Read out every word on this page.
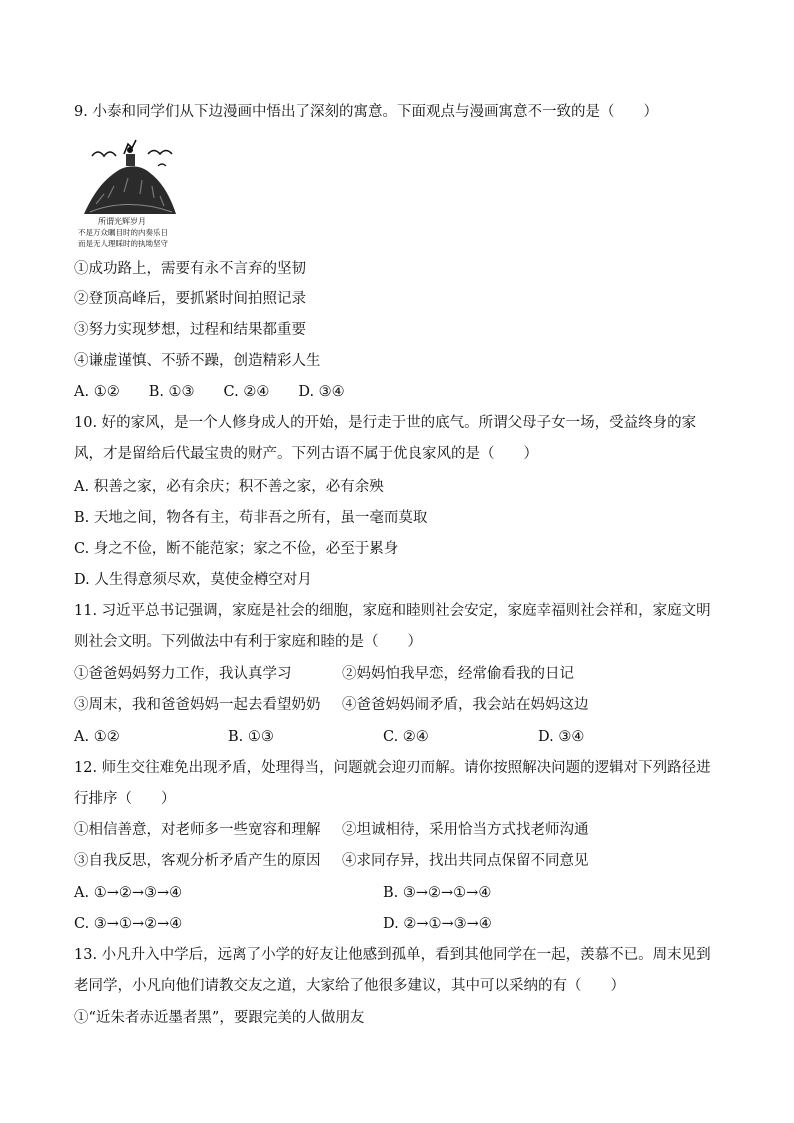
9. 小泰和同学们从下边漫画中悟出了深刻的寓意。下面观点与漫画寓意不一致的是（　　）
所谓光辉岁月
不是万众瞩目时的内奏乐日
而是无人理睬时的执坳坚守
①成功路上，需要有永不言弃的坚韧
②登顶高峰后，要抓紧时间拍照记录
③努力实现梦想，过程和结果都重要
④谦虚谨慎、不骄不躁，创造精彩人生
A. ①②　　B. ①③　　C. ②④　　D. ③④
10. 好的家风，是一个人修身成人的开始，是行走于世的底气。所谓父母子女一场，受益终身的家风，才是留给后代最宝贵的财产。下列古语不属于优良家风的是（　　）
A. 积善之家，必有余庆；积不善之家，必有余殃
B. 天地之间，物各有主，苟非吾之所有，虽一毫而莫取
C. 身之不俭，断不能范家；家之不俭，必至于累身
D. 人生得意须尽欢，莫使金樽空对月
11. 习近平总书记强调，家庭是社会的细胞，家庭和睦则社会安定，家庭幸福则社会祥和，家庭文明则社会文明。下列做法中有利于家庭和睦的是（　　）
①爸爸妈妈努力工作，我认真学习	②妈妈怕我早恋，经常偷看我的日记
③周末，我和爸爸妈妈一起去看望奶奶 ④爸爸妈妈闹矛盾，我会站在妈妈这边
A. ①②	B. ①③	C. ②④	D. ③④
12. 师生交往难免出现矛盾，处理得当，问题就会迎刃而解。请你按照解决问题的逻辑对下列路径进行排序（　　）
①相信善意，对老师多一些宽容和理解 ②坦诚相待，采用恰当方式找老师沟通
③自我反思，客观分析矛盾产生的原因 ④求同存异，找出共同点保留不同意见
A. ①→②→③→④	B. ③→②→①→④
C. ③→①→②→④	D. ②→①→③→④
13. 小凡升入中学后，远离了小学的好友让他感到孤单，看到其他同学在一起，羡慕不已。周末见到老同学，小凡向他们请教交友之道，大家给了他很多建议，其中可以采纳的有（　　）
①“近朱者赤近墨者黑”，要跟完美的人做朋友
